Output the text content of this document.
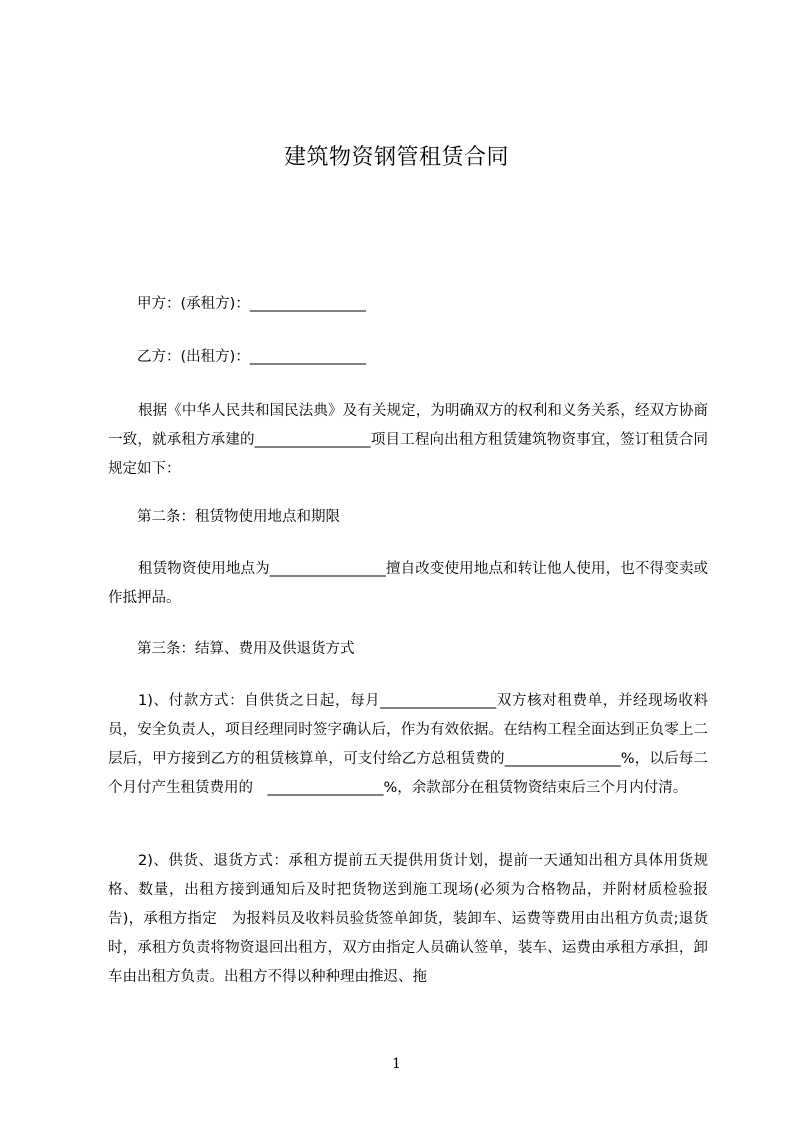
建筑物资钢管租赁合同
甲方：(承租方)：________________
乙方：(出租方)：________________
根据《中华人民共和国民法典》及有关规定，为明确双方的权利和义务关系，经双方协商一致，就承租方承建的________________项目工程向出租方租赁建筑物资事宜，签订租赁合同规定如下：
第二条：租赁物使用地点和期限
租赁物资使用地点为________________擅自改变使用地点和转让他人使用，也不得变卖或作抵押品。
第三条：结算、费用及供退货方式
1)、付款方式：自供货之日起，每月________________双方核对租费单，并经现场收料员，安全负责人，项目经理同时签字确认后，作为有效依据。在结构工程全面达到正负零上二层后，甲方接到乙方的租赁核算单，可支付给乙方总租赁费的________________%，以后每二个月付产生租赁费用的　________________%，余款部分在租赁物资结束后三个月内付清。
2)、供货、退货方式：承租方提前五天提供用货计划，提前一天通知出租方具体用货规格、数量，出租方接到通知后及时把货物送到施工现场(必须为合格物品，并附材质检验报告)，承租方指定　为报料员及收料员验货签单卸货，装卸车、运费等费用由出租方负责;退货时，承租方负责将物资退回出租方，双方由指定人员确认签单，装车、运费由承租方承担，卸车由出租方负责。出租方不得以种种理由推迟、拖
1
